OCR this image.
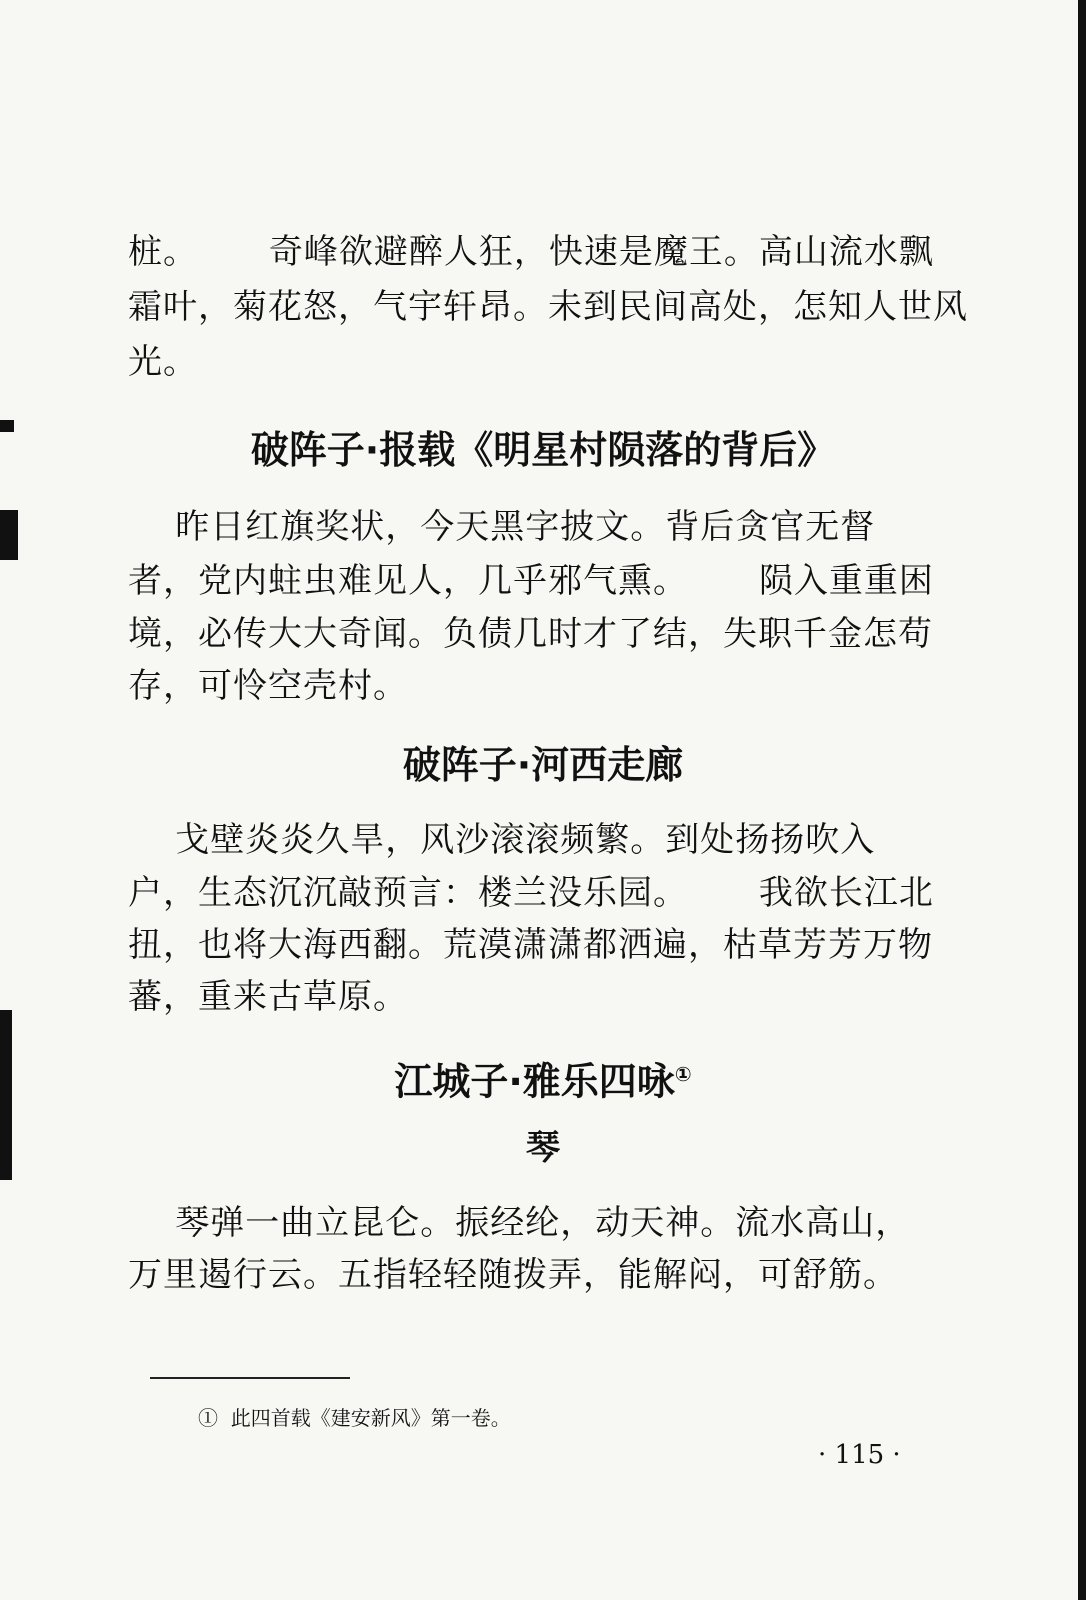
桩。      奇峰欲避醉人狂，快速是魔王。高山流水飘
霜叶，菊花怒，气宇轩昂。未到民间高处，怎知人世风
光。
破阵子·报载《明星村陨落的背后》
昨日红旗奖状，今天黑字披文。背后贪官无督
者，党内蛀虫难见人，几乎邪气熏。      陨入重重困
境，必传大大奇闻。负债几时才了结，失职千金怎苟
存，可怜空壳村。
破阵子·河西走廊
戈壁炎炎久旱，风沙滚滚频繁。到处扬扬吹入
户，生态沉沉敲预言：楼兰没乐园。      我欲长江北
扭，也将大海西翻。荒漠潇潇都洒遍，枯草芳芳万物
蕃，重来古草原。
江城子·雅乐四咏①
琴
琴弹一曲立昆仑。振经纶，动天神。流水高山，
万里遏行云。五指轻轻随拨弄，能解闷，可舒筋。
①  此四首载《建安新风》第一卷。
· 115 ·
